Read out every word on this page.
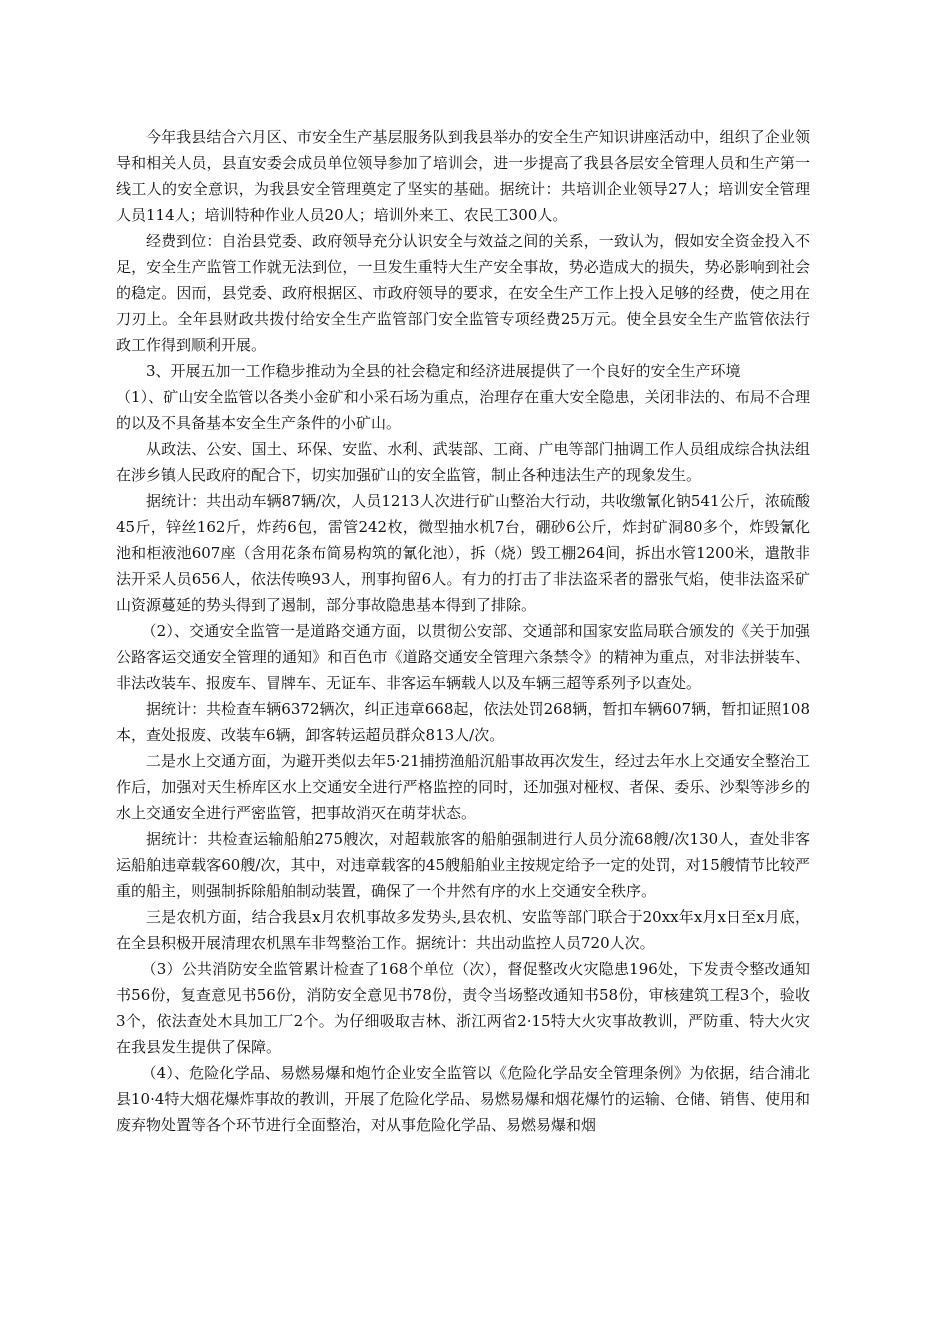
今年我县结合六月区、市安全生产基层服务队到我县举办的安全生产知识讲座活动中，组织了企业领导和相关人员，县直安委会成员单位领导参加了培训会，进一步提高了我县各层安全管理人员和生产第一线工人的安全意识，为我县安全管理奠定了坚实的基础。据统计：共培训企业领导27人；培训安全管理人员114人；培训特种作业人员20人；培训外来工、农民工300人。

经费到位：自治县党委、政府领导充分认识安全与效益之间的关系，一致认为，假如安全资金投入不足，安全生产监管工作就无法到位，一旦发生重特大生产安全事故，势必造成大的损失，势必影响到社会的稳定。因而，县党委、政府根据区、市政府领导的要求，在安全生产工作上投入足够的经费，使之用在刀刃上。全年县财政共拨付给安全生产监管部门安全监管专项经费25万元。使全县安全生产监管依法行政工作得到顺利开展。

3、开展五加一工作稳步推动为全县的社会稳定和经济进展提供了一个良好的安全生产环境

（1）、矿山安全监管以各类小金矿和小采石场为重点，治理存在重大安全隐患，关闭非法的、布局不合理的以及不具备基本安全生产条件的小矿山。

从政法、公安、国土、环保、安监、水利、武装部、工商、广电等部门抽调工作人员组成综合执法组在涉乡镇人民政府的配合下，切实加强矿山的安全监管，制止各种违法生产的现象发生。

据统计：共出动车辆87辆/次，人员1213人次进行矿山整治大行动，共收缴氰化钠541公斤，浓硫酸45斤，锌丝162斤，炸药6包，雷管242枚，微型抽水机7台，硼砂6公斤，炸封矿洞80多个，炸毁氰化池和柜液池607座（含用花条布简易构筑的氰化池），拆（烧）毁工棚264间，拆出水管1200米，遣散非法开采人员656人，依法传唤93人，刑事拘留6人。有力的打击了非法盗采者的嚣张气焰，使非法盗采矿山资源蔓延的势头得到了遏制，部分事故隐患基本得到了排除。

（2）、交通安全监管一是道路交通方面，以贯彻公安部、交通部和国家安监局联合颁发的《关于加强公路客运交通安全管理的通知》和百色市《道路交通安全管理六条禁令》的精神为重点，对非法拼装车、非法改装车、报废车、冒牌车、无证车、非客运车辆载人以及车辆三超等系列予以查处。

据统计：共检查车辆6372辆次，纠正违章668起，依法处罚268辆，暂扣车辆607辆，暂扣证照108本，查处报废、改装车6辆，卸客转运超员群众813人/次。

二是水上交通方面，为避开类似去年5·21捕捞渔船沉船事故再次发生，经过去年水上交通安全整治工作后，加强对天生桥库区水上交通安全进行严格监控的同时，还加强对桠杈、者保、委乐、沙梨等涉乡的水上交通安全进行严密监管，把事故消灭在萌芽状态。

据统计：共检查运输船舶275艘次，对超载旅客的船舶强制进行人员分流68艘/次130人，查处非客运船舶违章载客60艘/次，其中，对违章载客的45艘船舶业主按规定给予一定的处罚，对15艘情节比较严重的船主，则强制拆除船舶制动装置，确保了一个井然有序的水上交通安全秩序。

三是农机方面，结合我县x月农机事故多发势头,县农机、安监等部门联合于20xx年x月x日至x月底，在全县积极开展清理农机黑车非驾整治工作。据统计：共出动监控人员720人次。

（3）公共消防安全监管累计检查了168个单位（次），督促整改火灾隐患196处，下发责令整改通知书56份，复查意见书56份，消防安全意见书78份，责令当场整改通知书58份，审核建筑工程3个，验收3个，依法查处木具加工厂2个。为仔细吸取吉林、浙江两省2·15特大火灾事故教训，严防重、特大火灾在我县发生提供了保障。

（4）、危险化学品、易燃易爆和炮竹企业安全监管以《危险化学品安全管理条例》为依据，结合浦北县10·4特大烟花爆炸事故的教训，开展了危险化学品、易燃易爆和烟花爆竹的运输、仓储、销售、使用和废弃物处置等各个环节进行全面整治，对从事危险化学品、易燃易爆和烟
